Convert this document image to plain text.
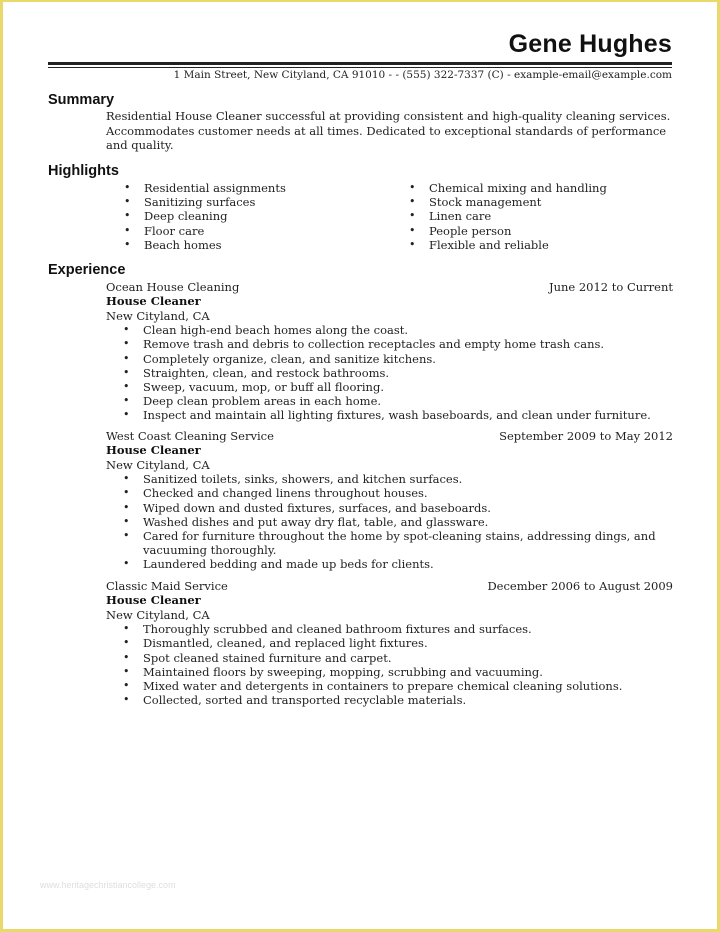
Gene Hughes
1 Main Street, New Cityland, CA 91010 - - (555) 322-7337 (C) - example-email@example.com
Summary
Residential House Cleaner successful at providing consistent and high-quality cleaning services. Accommodates customer needs at all times. Dedicated to exceptional standards of performance and quality.
Highlights
• Residential assignments
• Sanitizing surfaces
• Deep cleaning
• Floor care
• Beach homes
• Chemical mixing and handling
• Stock management
• Linen care
• People person
• Flexible and reliable
Experience
Ocean House Cleaning	June 2012 to Current
House Cleaner
New Cityland, CA
• Clean high-end beach homes along the coast.
• Remove trash and debris to collection receptacles and empty home trash cans.
• Completely organize, clean, and sanitize kitchens.
• Straighten, clean, and restock bathrooms.
• Sweep, vacuum, mop, or buff all flooring.
• Deep clean problem areas in each home.
• Inspect and maintain all lighting fixtures, wash baseboards, and clean under furniture.
West Coast Cleaning Service	September 2009 to May 2012
House Cleaner
New Cityland, CA
• Sanitized toilets, sinks, showers, and kitchen surfaces.
• Checked and changed linens throughout houses.
• Wiped down and dusted fixtures, surfaces, and baseboards.
• Washed dishes and put away dry flat, table, and glassware.
• Cared for furniture throughout the home by spot-cleaning stains, addressing dings, and vacuuming thoroughly.
• Laundered bedding and made up beds for clients.
Classic Maid Service	December 2006 to August 2009
House Cleaner
New Cityland, CA
• Thoroughly scrubbed and cleaned bathroom fixtures and surfaces.
• Dismantled, cleaned, and replaced light fixtures.
• Spot cleaned stained furniture and carpet.
• Maintained floors by sweeping, mopping, scrubbing and vacuuming.
• Mixed water and detergents in containers to prepare chemical cleaning solutions.
• Collected, sorted and transported recyclable materials.
www.heritagechristiancollege.com
